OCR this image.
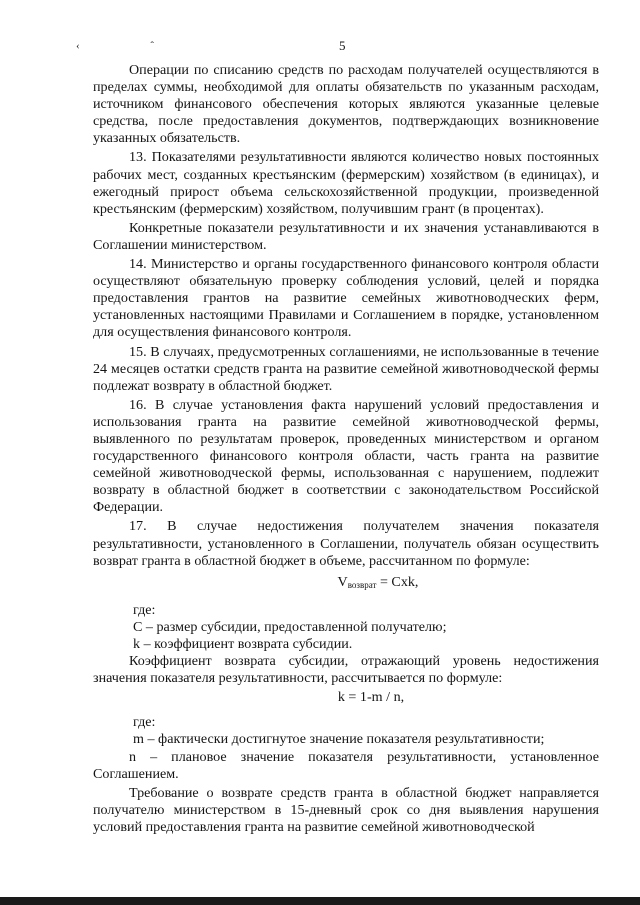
‹ ˆ	5

Операции по списанию средств по расходам получателей осуществляются в пределах суммы, необходимой для оплаты обязательств по указанным расходам, источником финансового обеспечения которых являются указанные целевые средства, после предоставления документов, подтверждающих возникновение указанных обязательств.

13. Показателями результативности являются количество новых постоянных рабочих мест, созданных крестьянским (фермерским) хозяйством (в единицах), и ежегодный прирост объема сельскохозяйственной продукции, произведенной крестьянским (фермерским) хозяйством, получившим грант (в процентах).

Конкретные показатели результативности и их значения устанавливаются в Соглашении министерством.

14. Министерство и органы государственного финансового контроля области осуществляют обязательную проверку соблюдения условий, целей и порядка предоставления грантов на развитие семейных животноводческих ферм, установленных настоящими Правилами и Соглашением в порядке, установленном для осуществления финансового контроля.

15. В случаях, предусмотренных соглашениями, не использованные в течение 24 месяцев остатки средств гранта на развитие семейной животноводческой фермы подлежат возврату в областной бюджет.

16. В случае установления факта нарушений условий предоставления и использования гранта на развитие семейной животноводческой фермы, выявленного по результатам проверок, проведенных министерством и органом государственного финансового контроля области, часть гранта на развитие семейной животноводческой фермы, использованная с нарушением, подлежит возврату в областной бюджет в соответствии с законодательством Российской Федерации.

17. В случае недостижения получателем значения показателя результативности, установленного в Соглашении, получатель обязан осуществить возврат гранта в областной бюджет в объеме, рассчитанном по формуле:

$V_{возврат}$ = Cxk,

где:

С – размер субсидии, предоставленной получателю;

k – коэффициент возврата субсидии.

Коэффициент возврата субсидии, отражающий уровень недостижения значения показателя результативности, рассчитывается по формуле:

k = 1-m / n,

где:

m – фактически достигнутое значение показателя результативности;

n – плановое значение показателя результативности, установленное Соглашением.

Требование о возврате средств гранта в областной бюджет направляется получателю министерством в 15-дневный срок со дня выявления нарушения условий предоставления гранта на развитие семейной животноводческой
